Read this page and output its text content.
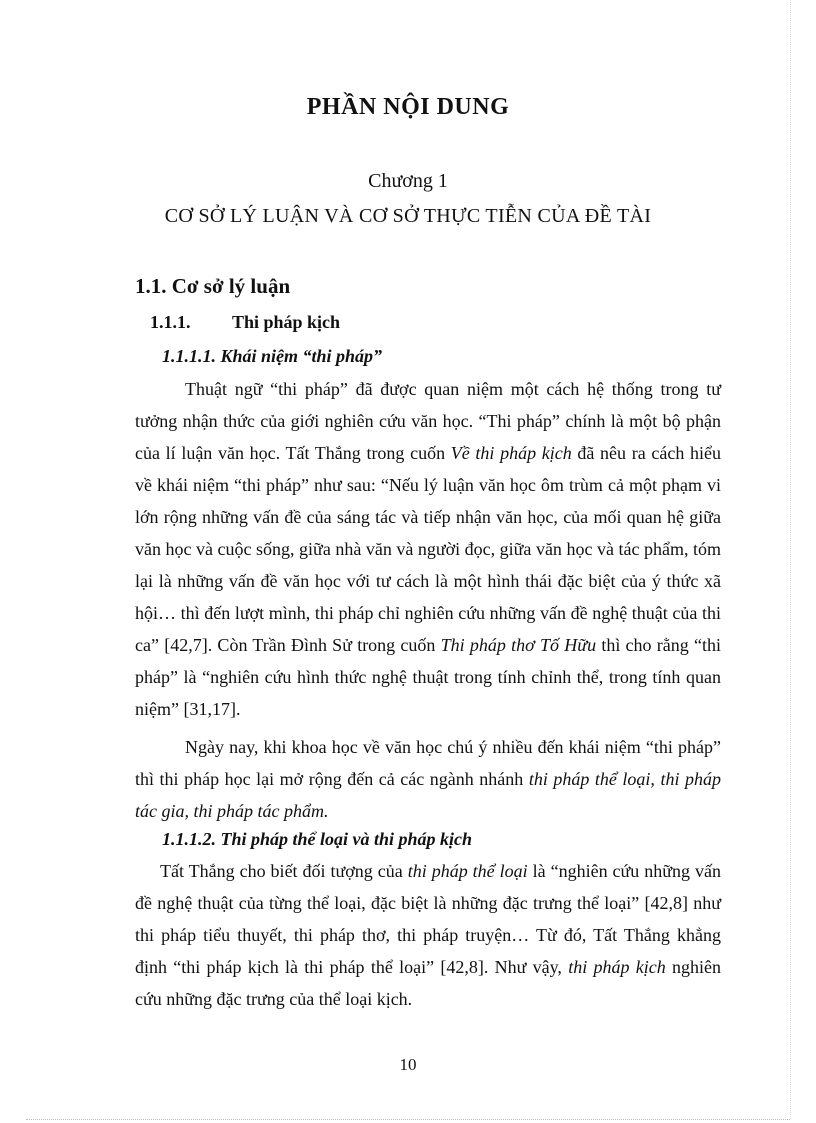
PHẦN NỘI DUNG
Chương 1
CƠ SỞ LÝ LUẬN VÀ CƠ SỞ THỰC TIỄN CỦA ĐỀ TÀI
1.1. Cơ sở lý luận
1.1.1. Thi pháp kịch
1.1.1.1. Khái niệm “thi pháp”

Thuật ngữ “thi pháp” đã được quan niệm một cách hệ thống trong tư tưởng nhận thức của giới nghiên cứu văn học. “Thi pháp” chính là một bộ phận của lí luận văn học. Tất Thắng trong cuốn Về thi pháp kịch đã nêu ra cách hiểu về khái niệm “thi pháp” như sau: “Nếu lý luận văn học ôm trùm cả một phạm vi lớn rộng những vấn đề của sáng tác và tiếp nhận văn học, của mối quan hệ giữa văn học và cuộc sống, giữa nhà văn và người đọc, giữa văn học và tác phẩm, tóm lại là những vấn đề văn học với tư cách là một hình thái đặc biệt của ý thức xã hội… thì đến lượt mình, thi pháp chỉ nghiên cứu những vấn đề nghệ thuật của thi ca” [42,7]. Còn Trần Đình Sử trong cuốn Thi pháp thơ Tố Hữu thì cho rằng “thi pháp” là “nghiên cứu hình thức nghệ thuật trong tính chỉnh thể, trong tính quan niệm” [31,17].

Ngày nay, khi khoa học về văn học chú ý nhiều đến khái niệm “thi pháp” thì thi pháp học lại mở rộng đến cả các ngành nhánh thi pháp thể loại, thi pháp tác gia, thi pháp tác phẩm.

1.1.1.2. Thi pháp thể loại và thi pháp kịch

Tất Thắng cho biết đối tượng của thi pháp thể loại là “nghiên cứu những vấn đề nghệ thuật của từng thể loại, đặc biệt là những đặc trưng thể loại” [42,8] như thi pháp tiểu thuyết, thi pháp thơ, thi pháp truyện… Từ đó, Tất Thắng khẳng định “thi pháp kịch là thi pháp thể loại” [42,8]. Như vậy, thi pháp kịch nghiên cứu những đặc trưng của thể loại kịch.

10
